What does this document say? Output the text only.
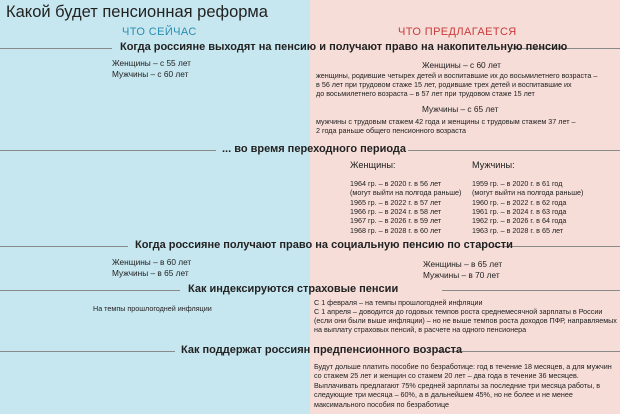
Какой будет пенсионная реформа
ЧТО СЕЙЧАС	ЧТО ПРЕДЛАГАЕТСЯ
Когда россияне выходят на пенсию и получают право на накопительную пенсию
Женщины – с 55 лет
Мужчины – с 60 лет
Женщины – с 60 лет
женщины, родившие четырех детей и воспитавшие их до восьмилетнего возраста –
в 56 лет при трудовом стаже 15 лет, родившие трех детей и воспитавшие их
до восьмилетнего возраста – в 57 лет при трудовом стаже 15 лет
Мужчины – с 65 лет
мужчины с трудовым стажем 42 года и женщины с трудовым стажем 37 лет –
2 года раньше общего пенсионного возраста
... во время переходного периода
Женщины:	Мужчины:
1964 гр. – в 2020 г. в 56 лет
(могут выйти на полгода раньше)
1965 гр. – в 2022 г. в 57 лет
1966 гр. – в 2024 г. в 58 лет
1967 гр. – в 2026 г. в 59 лет
1968 гр. – в 2028 г. в 60 лет
1959 гр. – в 2020 г. в 61 год
(могут выйти на полгода раньше)
1960 гр. – в 2022 г. в 62 года
1961 гр. – в 2024 г. в 63 года
1962 гр. – в 2026 г. в 64 года
1963 гр. – в 2028 г. в 65 лет
Когда россияне получают право на социальную пенсию по старости
Женщины – в 60 лет
Мужчины – в 65 лет
Женщины – в 65 лет
Мужчины – в 70 лет
Как индексируются страховые пенсии
На темпы прошлогодней инфляции
С 1 февраля – на темпы прошлогодней инфляции
С 1 апреля – доводится до годовых темпов роста среднемесячной зарплаты в России
(если они были выше инфляции) – но не выше темпов роста доходов ПФР, направляемых
на выплату страховых пенсий, в расчете на одного пенсионера
Как поддержат россиян предпенсионного возраста
Будут дольше платить пособие по безработице: год в течение 18 месяцев, а для мужчин
со стажем 25 лет и женщин со стажем 20 лет – два года в течение 36 месяцев.
Выплачивать предлагают 75% средней зарплаты за последние три месяца работы, в
следующие три месяца – 60%, а в дальнейшем 45%, но не более и не менее
максимального пособия по безработице
